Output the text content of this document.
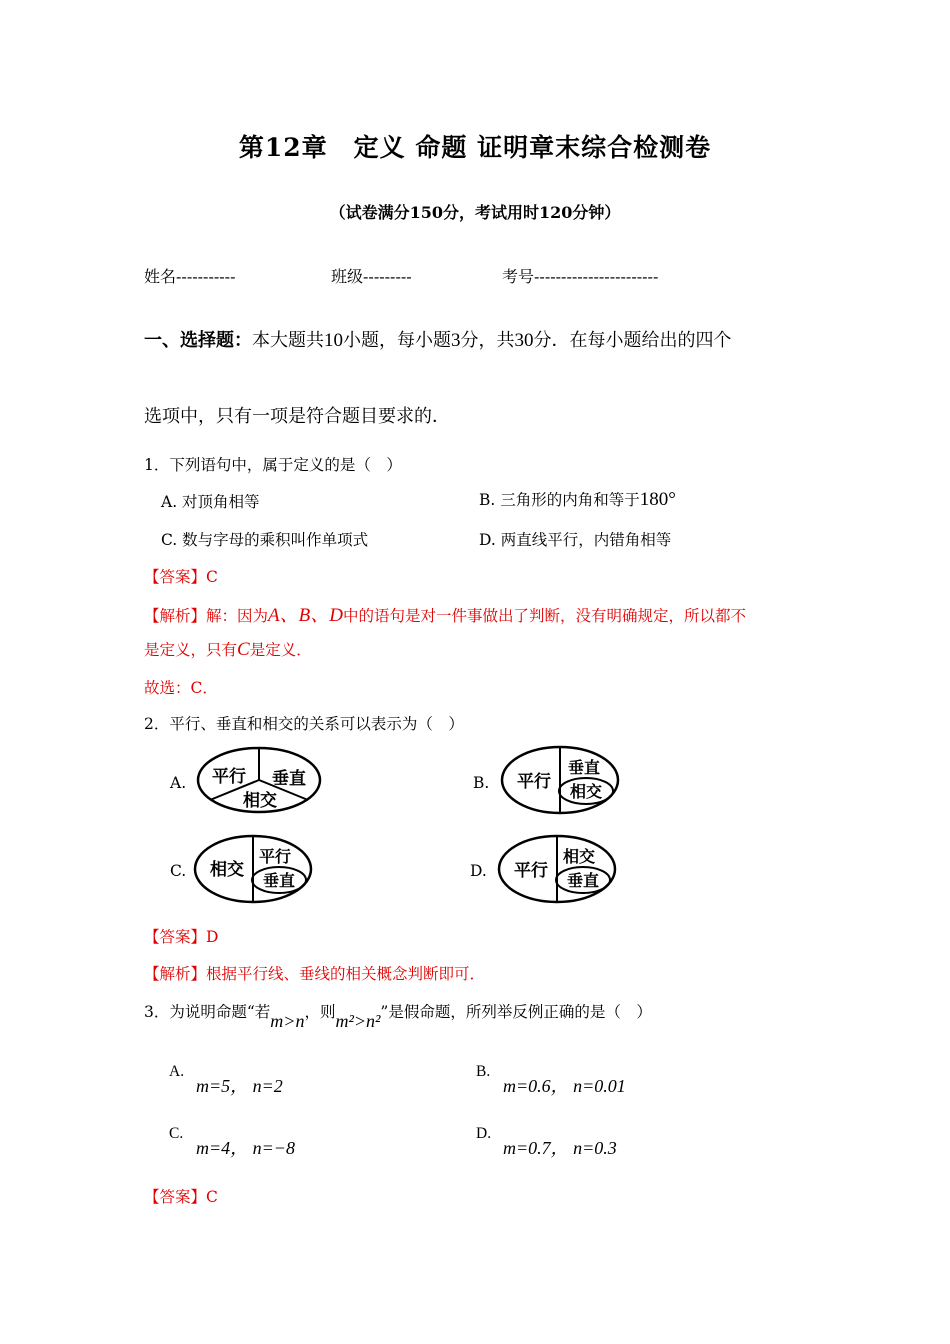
第12章　定义 命题 证明章末综合检测卷
（试卷满分150分，考试用时120分钟）
姓名-----------	班级---------	考号-----------------------
一、选择题：本大题共10小题，每小题3分，共30分．在每小题给出的四个
选项中，只有一项是符合题目要求的．
1．下列语句中，属于定义的是（　）
A. 对顶角相等	B. 三角形的内角和等于180°
C. 数与字母的乘积叫作单项式	D. 两直线平行，内错角相等
【答案】C
【解析】解：因为A、B、D中的语句是对一件事做出了判断，没有明确规定，所以都不
是定义，只有C是定义．
故选：C．
2．平行、垂直和相交的关系可以表示为（　）
A. 平行 垂直
相交
B. 平行
垂直
相交
C. 相交
平行
垂直	D. 平行
相交
垂直
【答案】D
【解析】根据平行线、垂线的相关概念判断即可．
3．为说明命题“若m>n，则m²>n²”是假命题，所列举反例正确的是（　）
A.
m=5， n=2
B.
m=0.6， n=0.01
C.
m=4， n=−8
D.
m=0.7， n=0.3
【答案】C
